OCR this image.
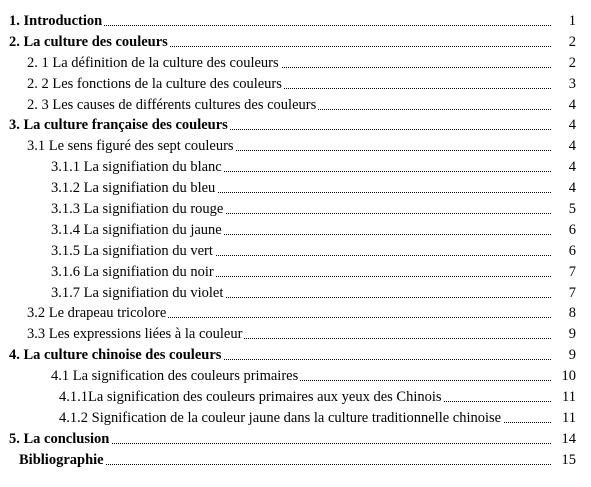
1. Introduction	1
2. La culture des couleurs	2
2. 1 La définition de la culture des couleurs	2
2. 2 Les fonctions de la culture des couleurs	3
2. 3 Les causes de différents cultures des couleurs	4
3. La culture française des couleurs	4
3.1 Le sens figuré des sept couleurs	4
3.1.1 La signifiation du blanc	4
3.1.2 La signifiation du bleu	4
3.1.3 La signifiation du rouge	5
3.1.4 La signifiation du jaune	6
3.1.5 La signifiation du vert	6
3.1.6 La signifiation du noir	7
3.1.7 La signifiation du violet	7
3.2 Le drapeau tricolore	8
3.3 Les expressions liées à la couleur	9
4. La culture chinoise des couleurs	9
4.1 La signification des couleurs primaires	10
4.1.1La signification des couleurs primaires aux yeux des Chinois	11
4.1.2 Signification de la couleur jaune dans la culture traditionnelle chinoise	11
5. La conclusion	14
Bibliographie	15
